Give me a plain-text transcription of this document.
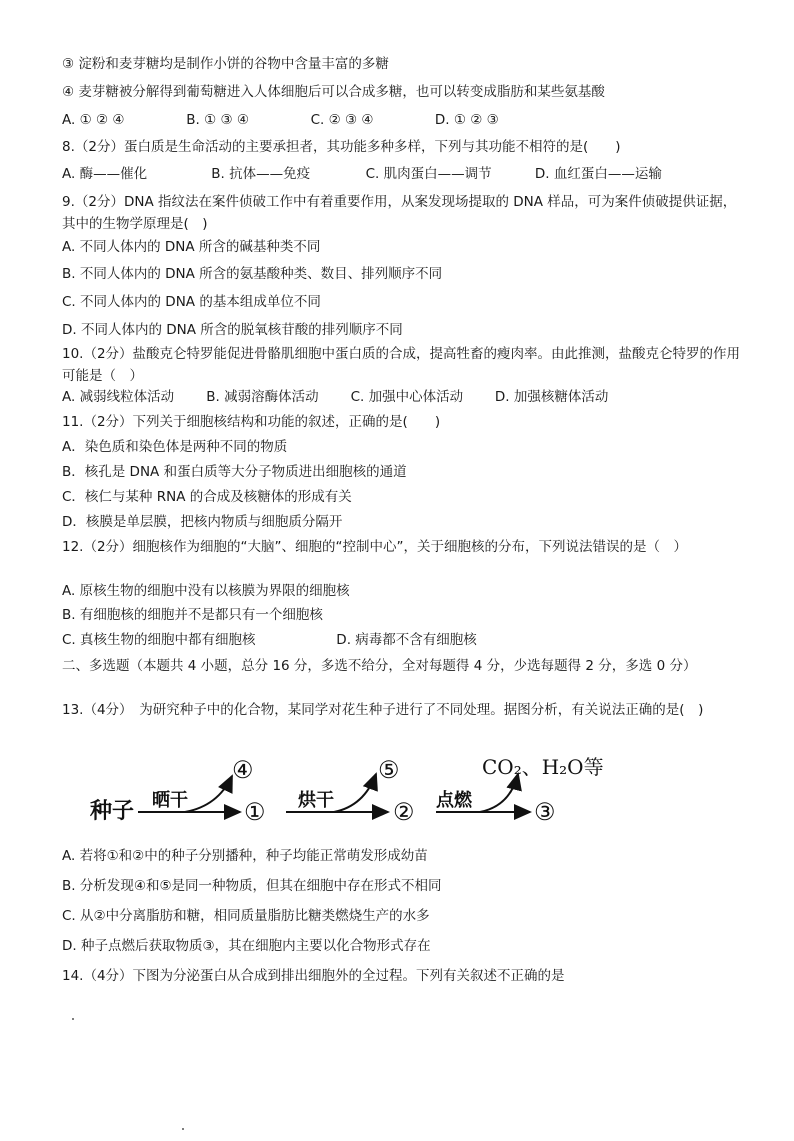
③ 淀粉和麦芽糖均是制作小饼的谷物中含量丰富的多糖
④ 麦芽糖被分解得到葡萄糖进入人体细胞后可以合成多糖，也可以转变成脂肪和某些氨基酸
A. ① ② ④	B. ① ③ ④	C. ② ③ ④	D. ① ② ③
8.（2分）蛋白质是生命活动的主要承担者，其功能多种多样，下列与其功能不相符的是(　　)
A. 酶——催化	B. 抗体——免疫	C. 肌肉蛋白——调节	D. 血红蛋白——运输
9.（2分）DNA 指纹法在案件侦破工作中有着重要作用，从案发现场提取的 DNA 样品，可为案件侦破提供证据，其中的生物学原理是(　)
A. 不同人体内的 DNA 所含的碱基种类不同
B. 不同人体内的 DNA 所含的氨基酸种类、数目、排列顺序不同
C. 不同人体内的 DNA 的基本组成单位不同
D. 不同人体内的 DNA 所含的脱氧核苷酸的排列顺序不同
10.（2分）盐酸克仑特罗能促进骨骼肌细胞中蛋白质的合成，提高牲畜的瘦肉率。由此推测，盐酸克仑特罗的作用可能是（　）
A. 减弱线粒体活动 B. 减弱溶酶体活动 C. 加强中心体活动 D. 加强核糖体活动
11.（2分）下列关于细胞核结构和功能的叙述，正确的是(　　)
A．染色质和染色体是两种不同的物质
B．核孔是 DNA 和蛋白质等大分子物质进出细胞核的通道
C．核仁与某种 RNA 的合成及核糖体的形成有关
D．核膜是单层膜，把核内物质与细胞质分隔开
12.（2分）细胞核作为细胞的“大脑”、细胞的“控制中心”，关于细胞核的分布，下列说法错误的是（　）
A. 原核生物的细胞中没有以核膜为界限的细胞核
B. 有细胞核的细胞并不是都只有一个细胞核
C. 真核生物的细胞中都有细胞核	D. 病毒都不含有细胞核
二、多选题（本题共 4 小题，总分 16 分，多选不给分，全对每题得 4 分，少选每题得 2 分，多选 0 分）
13.（4分）　为研究种子中的化合物，某同学对花生种子进行了不同处理。据图分析，有关说法正确的是(　)
种子 晒干
④
① 烘干
⑤
② 点燃
CO₂、H₂O等
③
A. 若将①和②中的种子分别播种，种子均能正常萌发形成幼苗
B. 分析发现④和⑤是同一种物质，但其在细胞中存在形式不相同
C. 从②中分离脂肪和糖，相同质量脂肪比糖类燃烧生产的水多
D. 种子点燃后获取物质③，其在细胞内主要以化合物形式存在
14.（4分）下图为分泌蛋白从合成到排出细胞外的全过程。下列有关叙述不正确的是
